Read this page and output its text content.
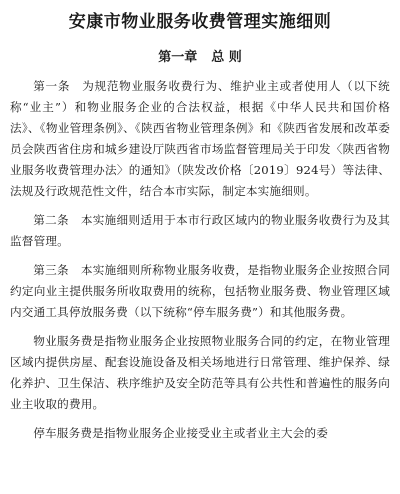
安康市物业服务收费管理实施细则
第一章 总 则

第一条 为规范物业服务收费行为、维护业主或者使用人（以下统称“业主”）和物业服务企业的合法权益，根据《中华人民共和国价格法》、《物业管理条例》、《陕西省物业管理条例》和《陕西省发展和改革委员会陕西省住房和城乡建设厅陕西省市场监督管理局关于印发〈陕西省物业服务收费管理办法〉的通知》（陕发改价格〔2019〕924号）等法律、法规及行政规范性文件，结合本市实际，制定本实施细则。

第二条 本实施细则适用于本市行政区域内的物业服务收费行为及其监督管理。

第三条 本实施细则所称物业服务收费，是指物业服务企业按照合同约定向业主提供服务所收取费用的统称，包括物业服务费、物业管理区域内交通工具停放服务费（以下统称“停车服务费”）和其他服务费。

物业服务费是指物业服务企业按照物业服务合同的约定，在物业管理区域内提供房屋、配套设施设备及相关场地进行日常管理、维护保养、绿化养护、卫生保洁、秩序维护及安全防范等具有公共性和普遍性的服务向业主收取的费用。

停车服务费是指物业服务企业接受业主或者业主大会的委
